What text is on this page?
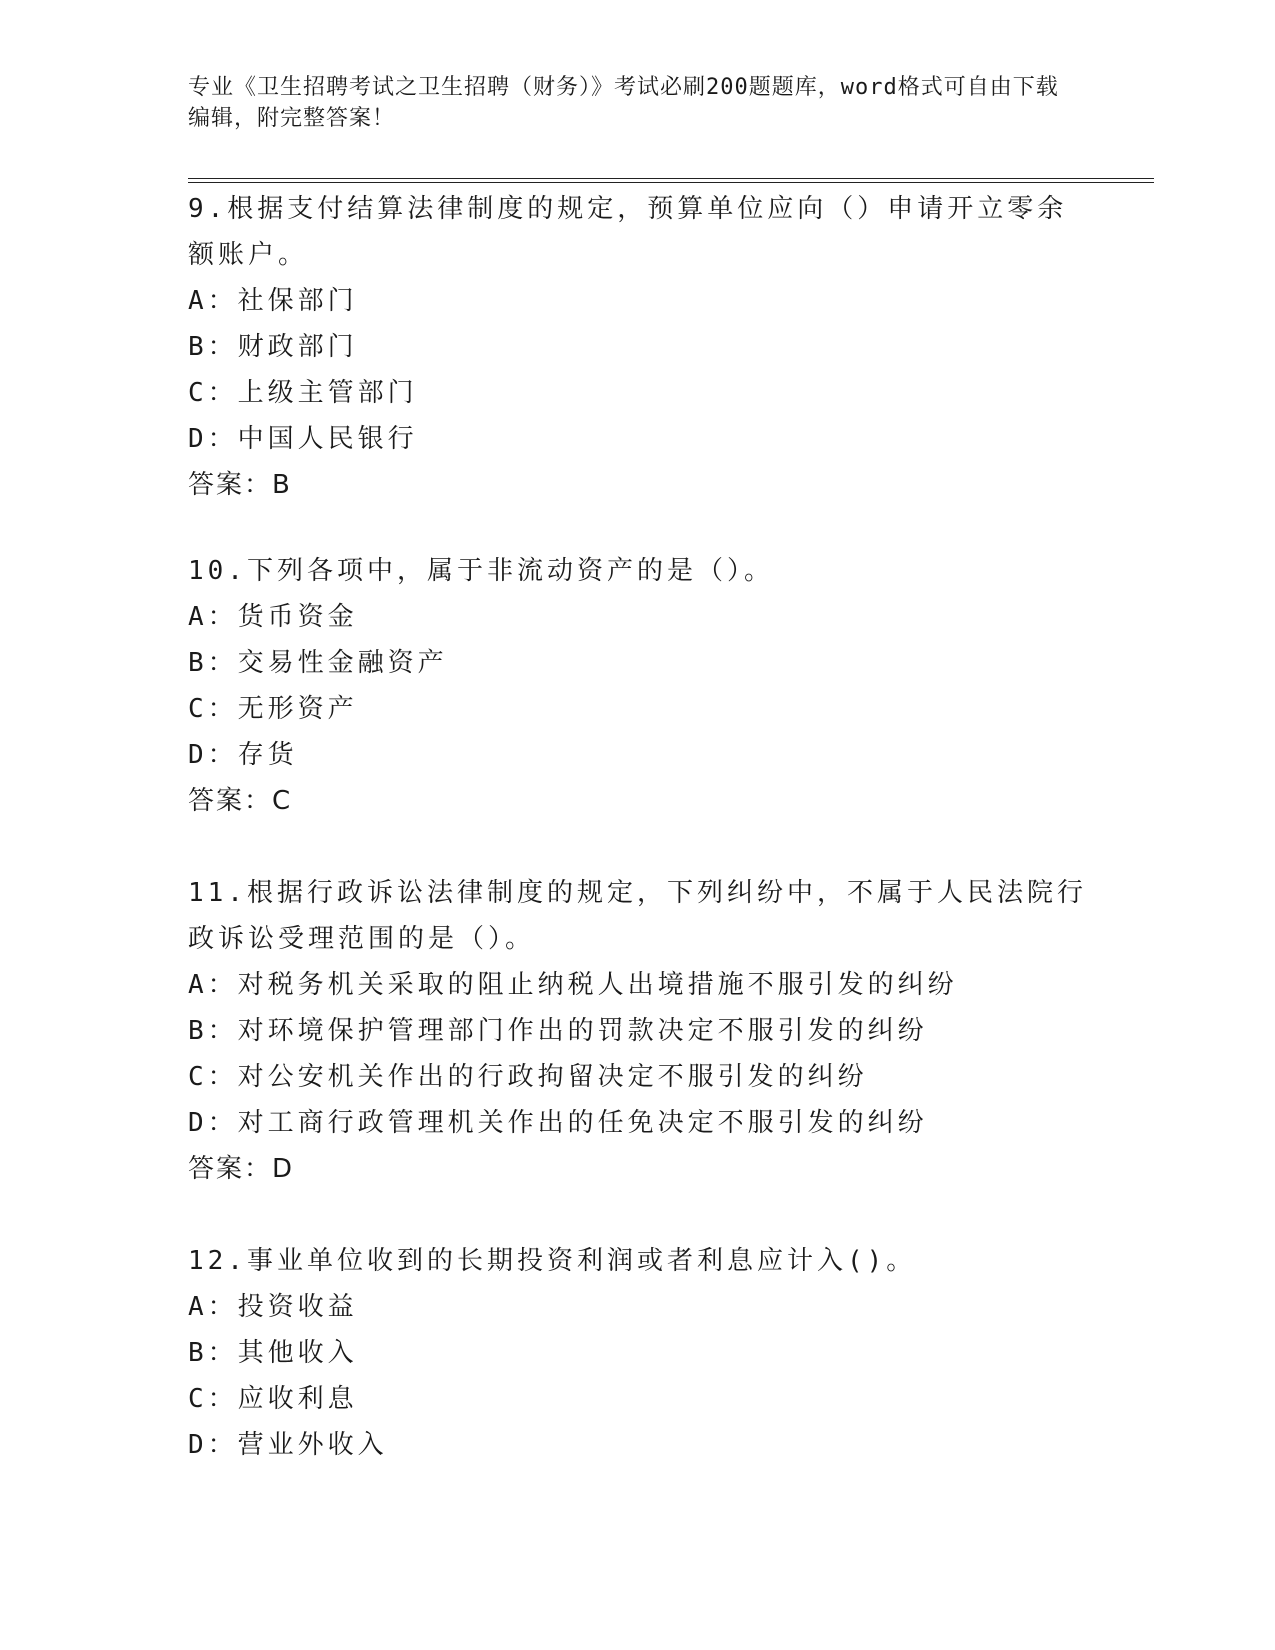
专业《卫生招聘考试之卫生招聘（财务）》考试必刷200题题库，word格式可自由下载编辑，附完整答案！
9.根据支付结算法律制度的规定，预算单位应向（）申请开立零余额账户。
A：社保部门
B：财政部门
C：上级主管部门
D：中国人民银行
答案：B
10.下列各项中，属于非流动资产的是（）。
A：货币资金
B：交易性金融资产
C：无形资产
D：存货
答案：C
11.根据行政诉讼法律制度的规定，下列纠纷中，不属于人民法院行政诉讼受理范围的是（）。
A：对税务机关采取的阻止纳税人出境措施不服引发的纠纷
B：对环境保护管理部门作出的罚款决定不服引发的纠纷
C：对公安机关作出的行政拘留决定不服引发的纠纷
D：对工商行政管理机关作出的任免决定不服引发的纠纷
答案：D
12.事业单位收到的长期投资利润或者利息应计入()。
A：投资收益
B：其他收入
C：应收利息
D：营业外收入
